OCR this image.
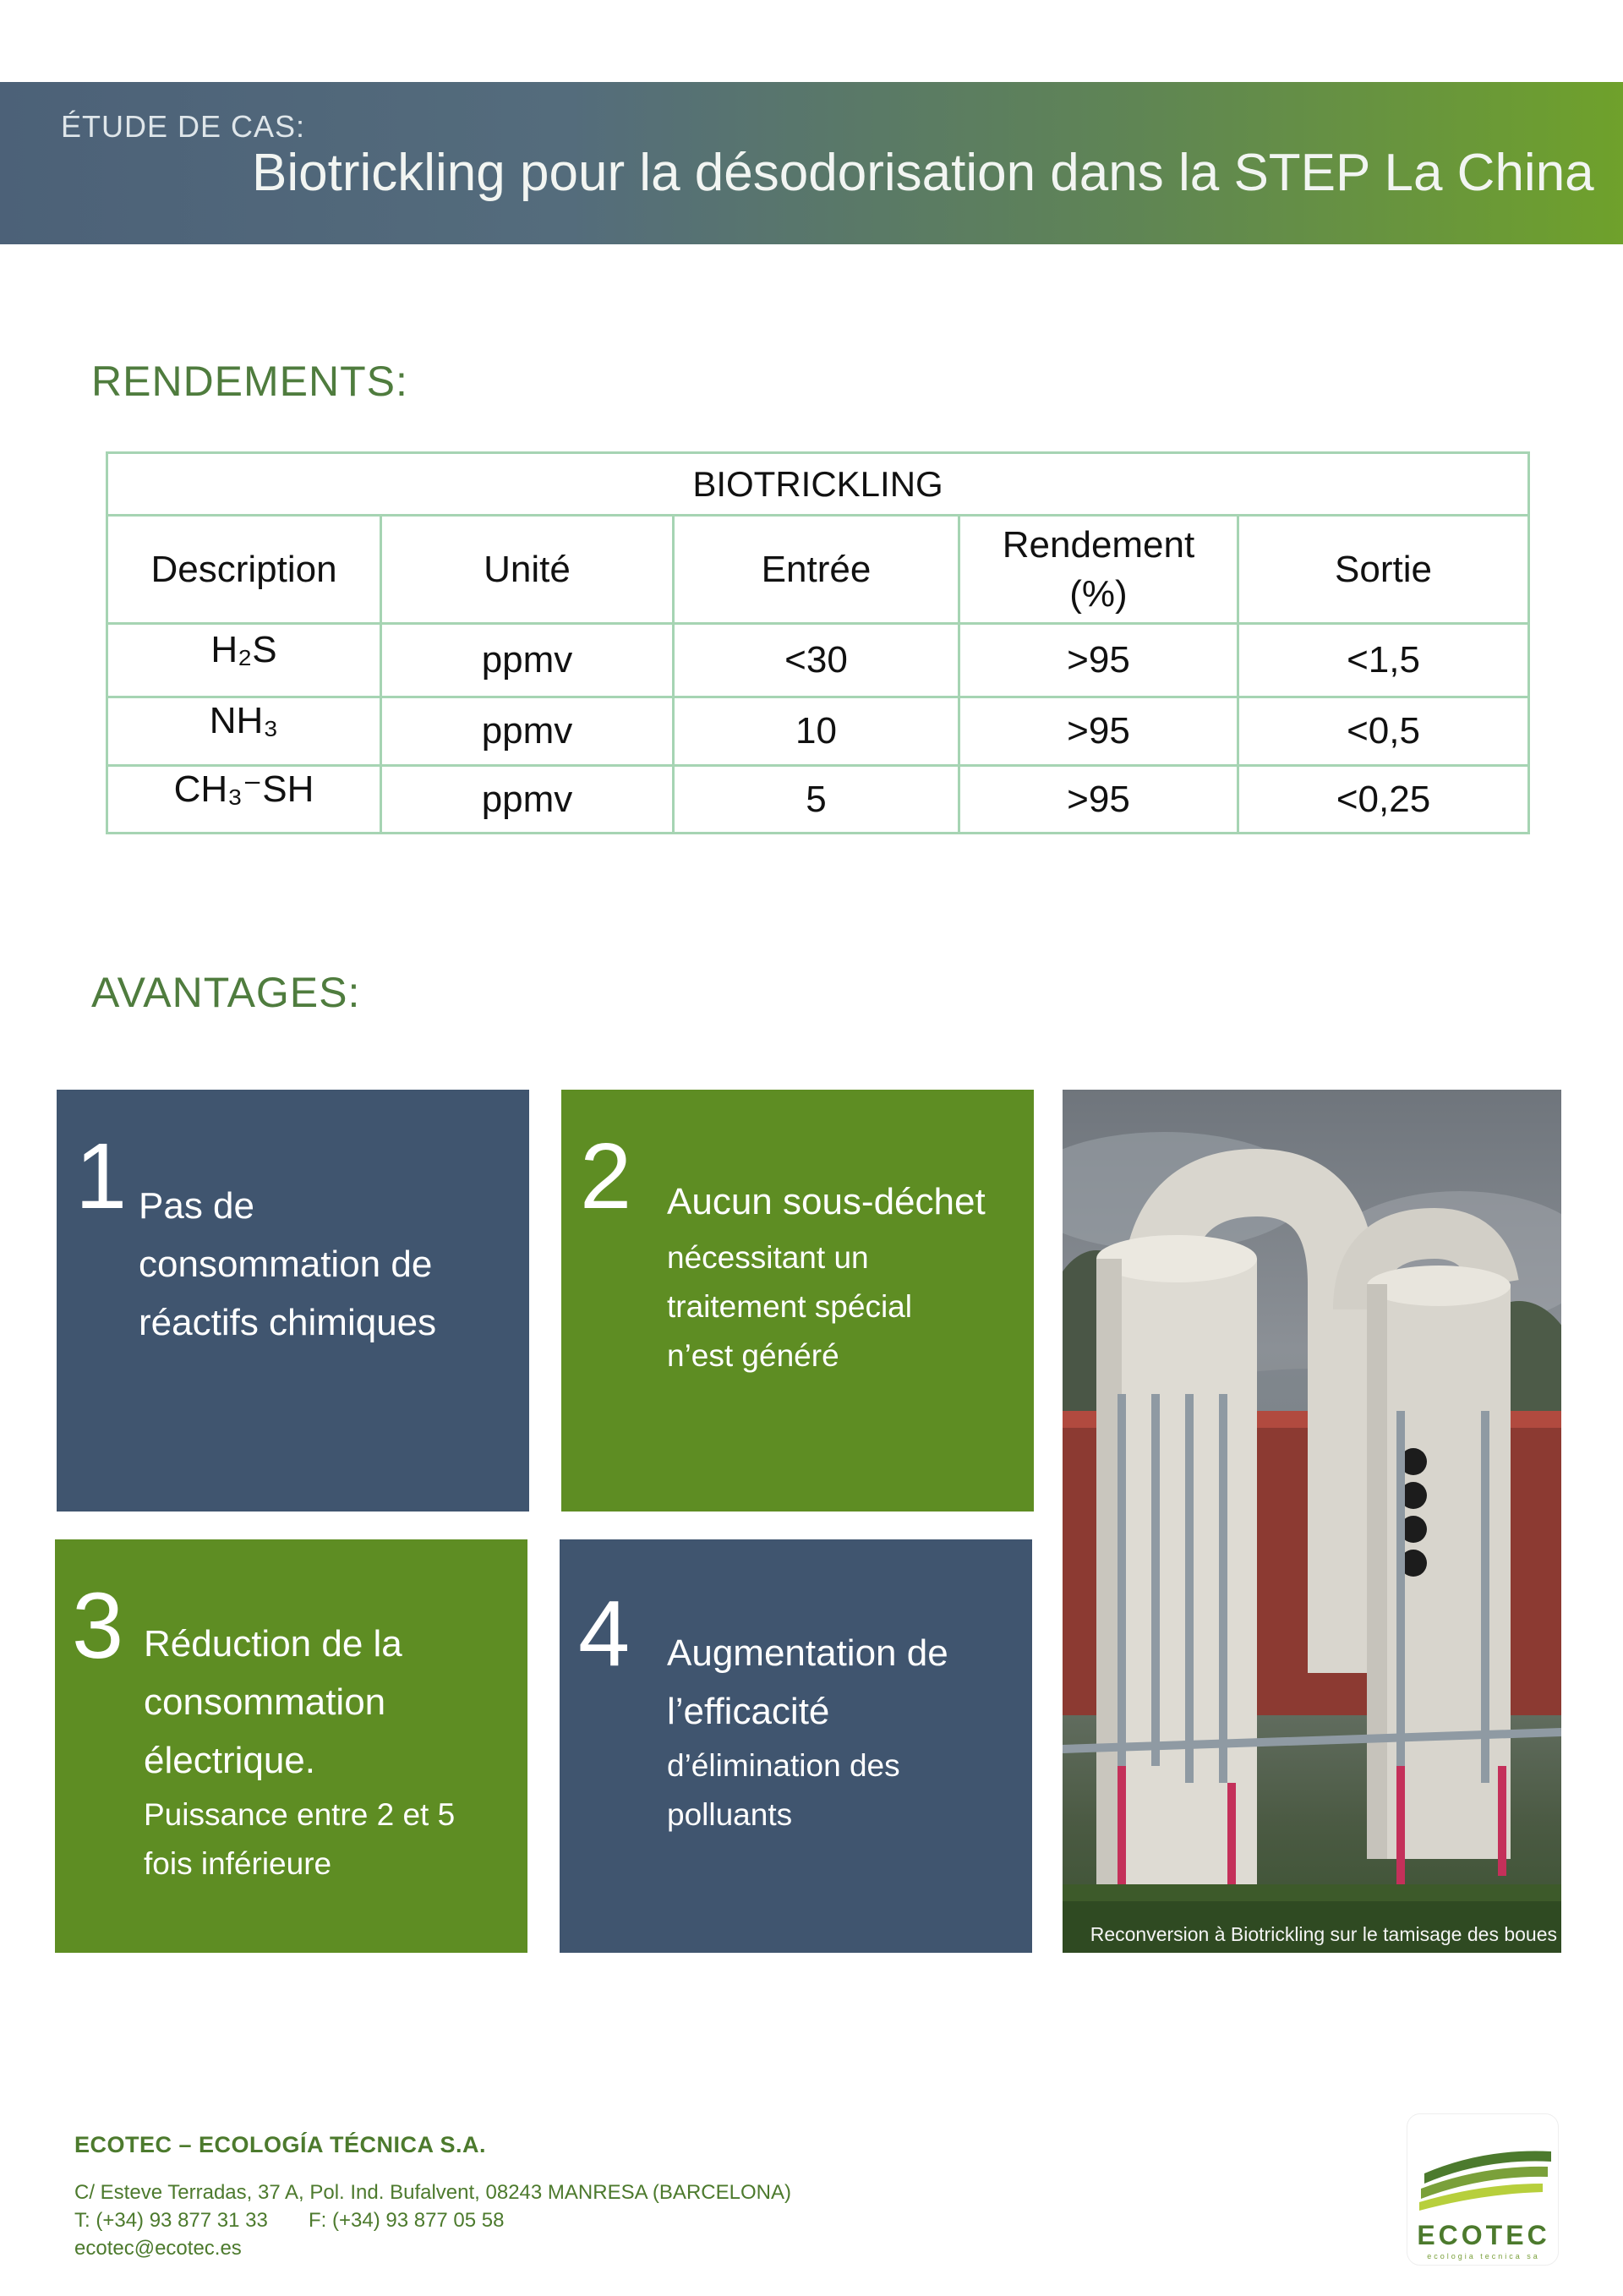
ÉTUDE DE CAS:
Biotrickling pour la désodorisation dans la STEP La China
RENDEMENTS:
BIOTRICKLING				
Description	Unité	Entrée	Rendement (%)	Sortie
H₂S	ppmv	<30	>95	<1,5
NH₃	ppmv	10	>95	<0,5
CH₃⁻SH	ppmv	5	>95	<0,25
AVANTAGES:
1 Pas de
consommation de
réactifs chimiques
2 Aucun sous-déchet
nécessitant un
traitement spécial
n’est généré
3 Réduction de la
consommation
électrique.
Puissance entre 2 et 5
fois inférieure
4 Augmentation de
l’efficacité
d’élimination des
polluants
Reconversion à Biotrickling sur le tamisage des boues
ECOTEC – ECOLOGÍA TÉCNICA S.A.
C/ Esteve Terradas, 37 A, Pol. Ind. Bufalvent, 08243 MANRESA (BARCELONA)
T: (+34) 93 877 31 33 F: (+34) 93 877 05 58
ecotec@ecotec.es	ECOTEC
ecologia tecnica sa
